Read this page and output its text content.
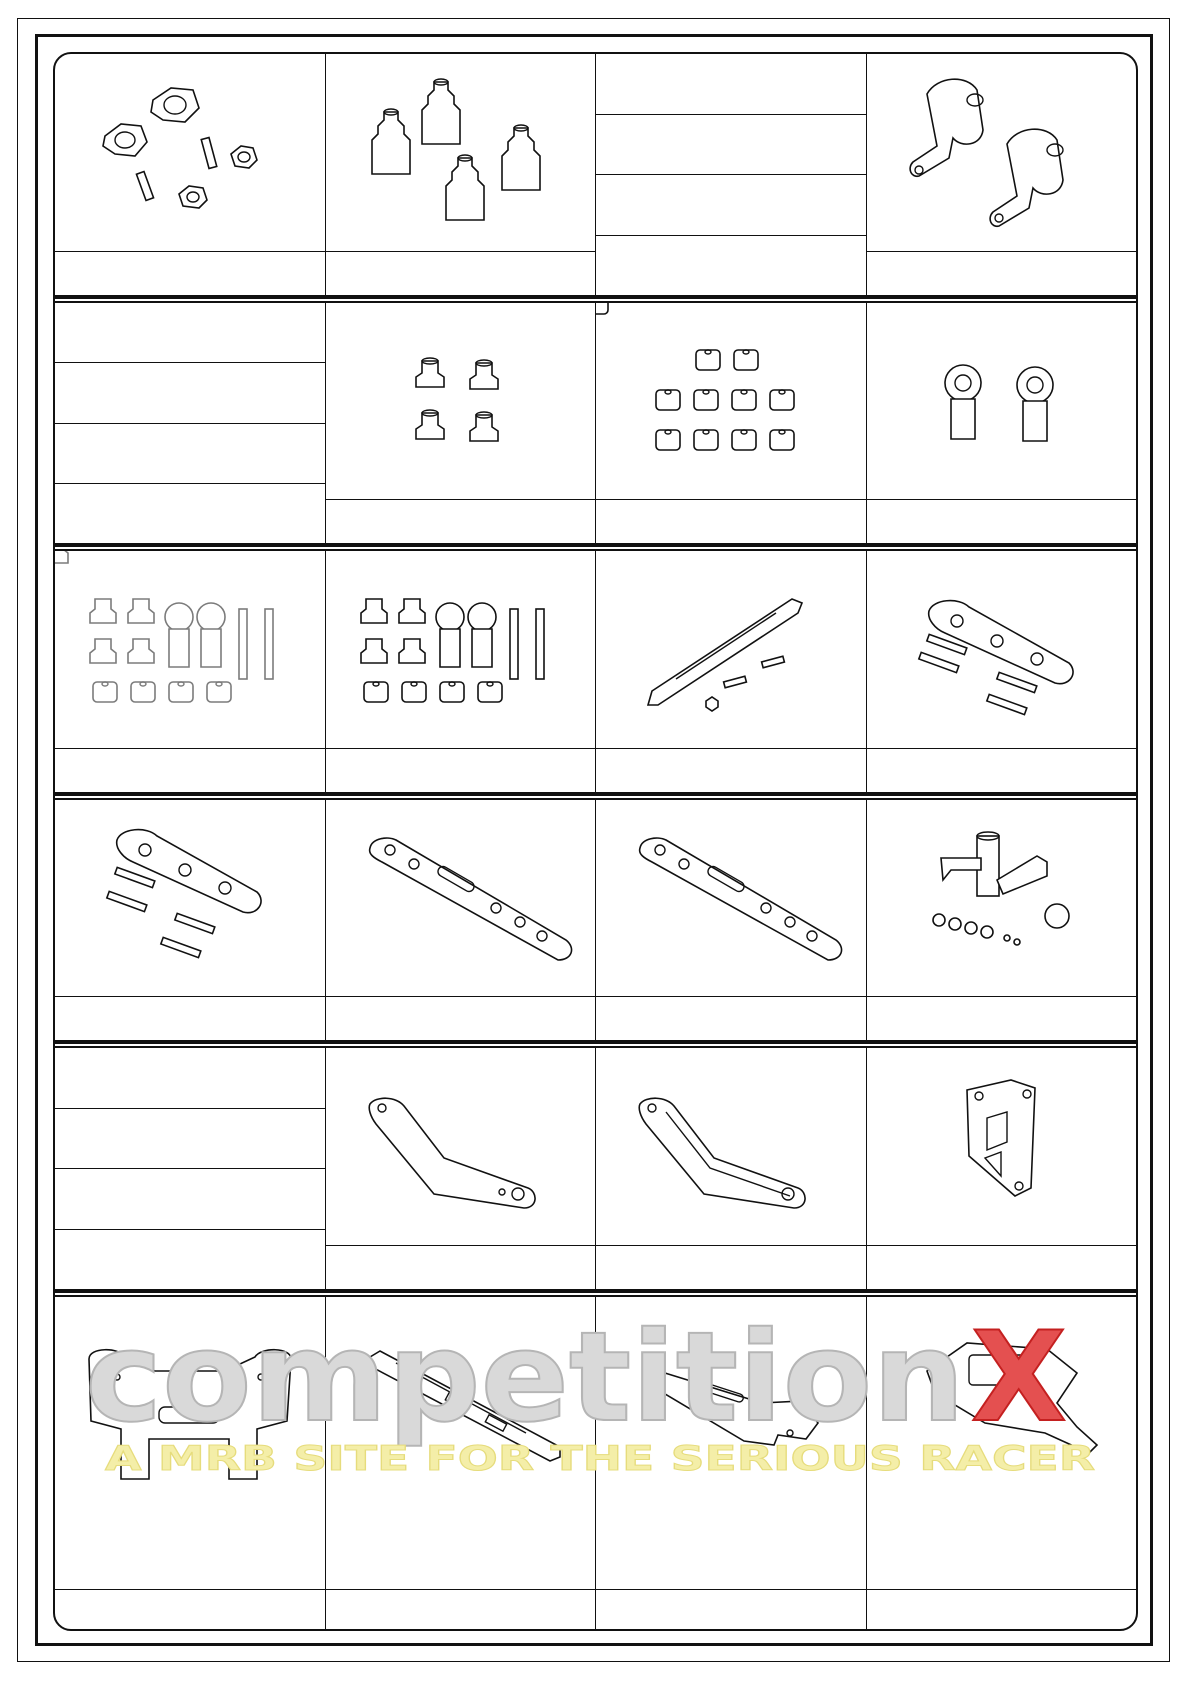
competition X
A MRB SITE FOR THE SERIOUS RACER
